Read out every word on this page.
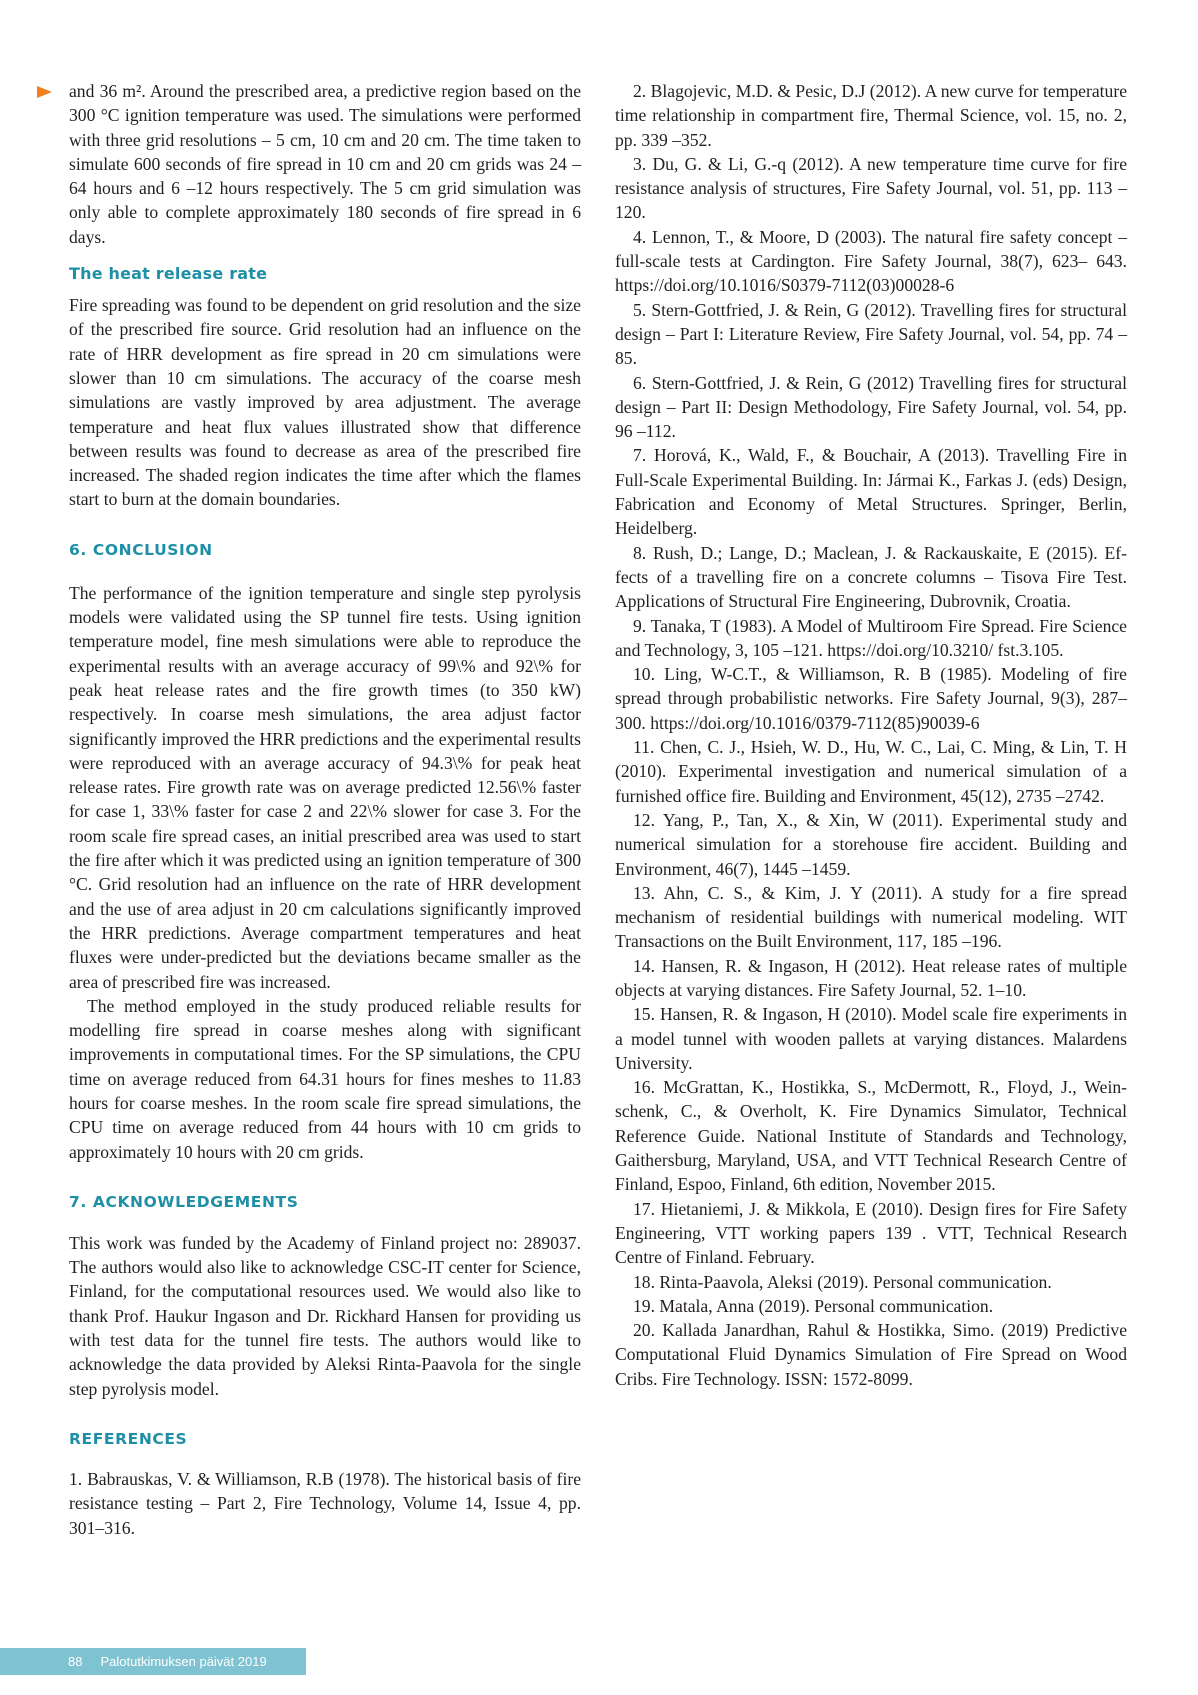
and 36 m². Around the prescribed area, a predictive region based on the 300 °C ignition temperature was used. The simulations were performed with three grid resolutions – 5 cm, 10 cm and 20 cm. The time taken to simulate 600 seconds of fire spread in 10 cm and 20 cm grids was 24 – 64 hours and 6 –12 hours respectively. The 5 cm grid simulation was only able to complete approximately 180 seconds of fire spread in 6 days.

The heat release rate

Fire spreading was found to be dependent on grid resolution and the size of the prescribed fire source. Grid resolution had an influence on the rate of HRR development as fire spread in 20 cm simulations were slower than 10 cm simulations. The accuracy of the coarse mesh simulations are vastly improved by area adjustment. The average temperature and heat flux values illustrated show that difference between results was found to decrease as area of the prescribed fire increased. The shaded region indicates the time after which the flames start to burn at the domain boundaries.

6. CONCLUSION

The performance of the ignition temperature and single step pyrolysis models were validated using the SP tunnel fire tests. Using ignition temperature model, fine mesh simulations were able to reproduce the experimental results with an average accuracy of 99\% and 92\% for peak heat release rates and the fire growth times (to 350 kW) respectively. In coarse mesh simulations, the area adjust factor significantly improved the HRR predictions and the experimental results were reproduced with an average accuracy of 94.3\% for peak heat release rates. Fire growth rate was on average predicted 12.56\% faster for case 1, 33\% faster for case 2 and 22\% slower for case 3. For the room scale fire spread cases, an initial prescribed area was used to start the fire after which it was predicted using an ignition temperature of 300 °C. Grid resolution had an influence on the rate of HRR development and the use of area adjust in 20 cm calculations significantly improved the HRR predictions. Average compartment temperatures and heat fluxes were under-predicted but the deviations became smaller as the area of prescribed fire was increased.

The method employed in the study produced reliable results for modelling fire spread in coarse meshes along with significant improvements in computational times. For the SP simulations, the CPU time on average reduced from 64.31 hours for fines meshes to 11.83 hours for coarse meshes. In the room scale fire spread simulations, the CPU time on average reduced from 44 hours with 10 cm grids to approximately 10 hours with 20 cm grids.

7. ACKNOWLEDGEMENTS

This work was funded by the Academy of Finland project no: 289037. The authors would also like to acknowledge CSC-IT center for Science, Finland, for the computational resources used. We would also like to thank Prof. Haukur Ingason and Dr. Rickhard Hansen for providing us with test data for the tunnel fire tests. The authors would like to acknowledge the data provided by Aleksi Rinta-Paavola for the single step pyrolysis model.

REFERENCES

1. Babrauskas, V. & Williamson, R.B (1978). The historical basis of fire resistance testing – Part 2, Fire Technology, Volume 14, Issue 4, pp. 301–316.

2. Blagojevic, M.D. & Pesic, D.J (2012). A new curve for temperature time relationship in compartment fire, Thermal Science, vol. 15, no. 2, pp. 339 –352.

3. Du, G. & Li, G.-q (2012). A new temperature time curve for fire resistance analysis of structures, Fire Safety Journal, vol. 51, pp. 113 –120.

4. Lennon, T., & Moore, D (2003). The natural fire safety concept – full-scale tests at Cardington. Fire Safety Journal, 38(7), 623– 643. https://doi.org/10.1016/S0379-7112(03)00028-6

5. Stern-Gottfried, J. & Rein, G (2012). Travelling fires for structural design – Part I: Literature Review, Fire Safety Journal, vol. 54, pp. 74 –85.

6. Stern-Gottfried, J. & Rein, G (2012) Travelling fires for structural design – Part II: Design Methodology, Fire Safety Journal, vol. 54, pp. 96 –112.

7. Horová, K., Wald, F., & Bouchair, A (2013). Travelling Fire in Full-Scale Experimental Building. In: Jármai K., Farkas J. (eds) Design, Fabrication and Economy of Metal Structures. Springer, Berlin, Heidelberg.

8. Rush, D.; Lange, D.; Maclean, J. & Rackauskaite, E (2015). Effects of a travelling fire on a concrete columns – Tisova Fire Test. Applications of Structural Fire Engineering, Dubrovnik, Croatia.

9. Tanaka, T (1983). A Model of Multiroom Fire Spread. Fire Science and Technology, 3, 105 –121. https://doi.org/10.3210/ fst.3.105.

10. Ling, W-C.T., & Williamson, R. B (1985). Modeling of fire spread through probabilistic networks. Fire Safety Journal, 9(3), 287–300. https://doi.org/10.1016/0379-7112(85)90039-6

11. Chen, C. J., Hsieh, W. D., Hu, W. C., Lai, C. Ming, & Lin, T. H (2010). Experimental investigation and numerical simulation of a furnished office fire. Building and Environment, 45(12), 2735 –2742.

12. Yang, P., Tan, X., & Xin, W (2011). Experimental study and numerical simulation for a storehouse fire accident. Building and Environment, 46(7), 1445 –1459.

13. Ahn, C. S., & Kim, J. Y (2011). A study for a fire spread mechanism of residential buildings with numerical modeling. WIT Transactions on the Built Environment, 117, 185 –196.

14. Hansen, R. & Ingason, H (2012). Heat release rates of multiple objects at varying distances. Fire Safety Journal, 52. 1–10.

15. Hansen, R. & Ingason, H (2010). Model scale fire experiments in a model tunnel with wooden pallets at varying distances. Malardens University.

16. McGrattan, K., Hostikka, S., McDermott, R., Floyd, J., Weinschenk, C., & Overholt, K. Fire Dynamics Simulator, Technical Reference Guide. National Institute of Standards and Technology, Gaithersburg, Maryland, USA, and VTT Technical Research Centre of Finland, Espoo, Finland, 6th edition, November 2015.

17. Hietaniemi, J. & Mikkola, E (2010). Design fires for Fire Safety Engineering, VTT working papers 139 . VTT, Technical Research Centre of Finland. February.

18. Rinta-Paavola, Aleksi (2019). Personal communication.

19. Matala, Anna (2019). Personal communication.

20. Kallada Janardhan, Rahul & Hostikka, Simo. (2019) Predictive Computational Fluid Dynamics Simulation of Fire Spread on Wood Cribs. Fire Technology. ISSN: 1572-8099.

88 Palotutkimuksen päivät 2019
